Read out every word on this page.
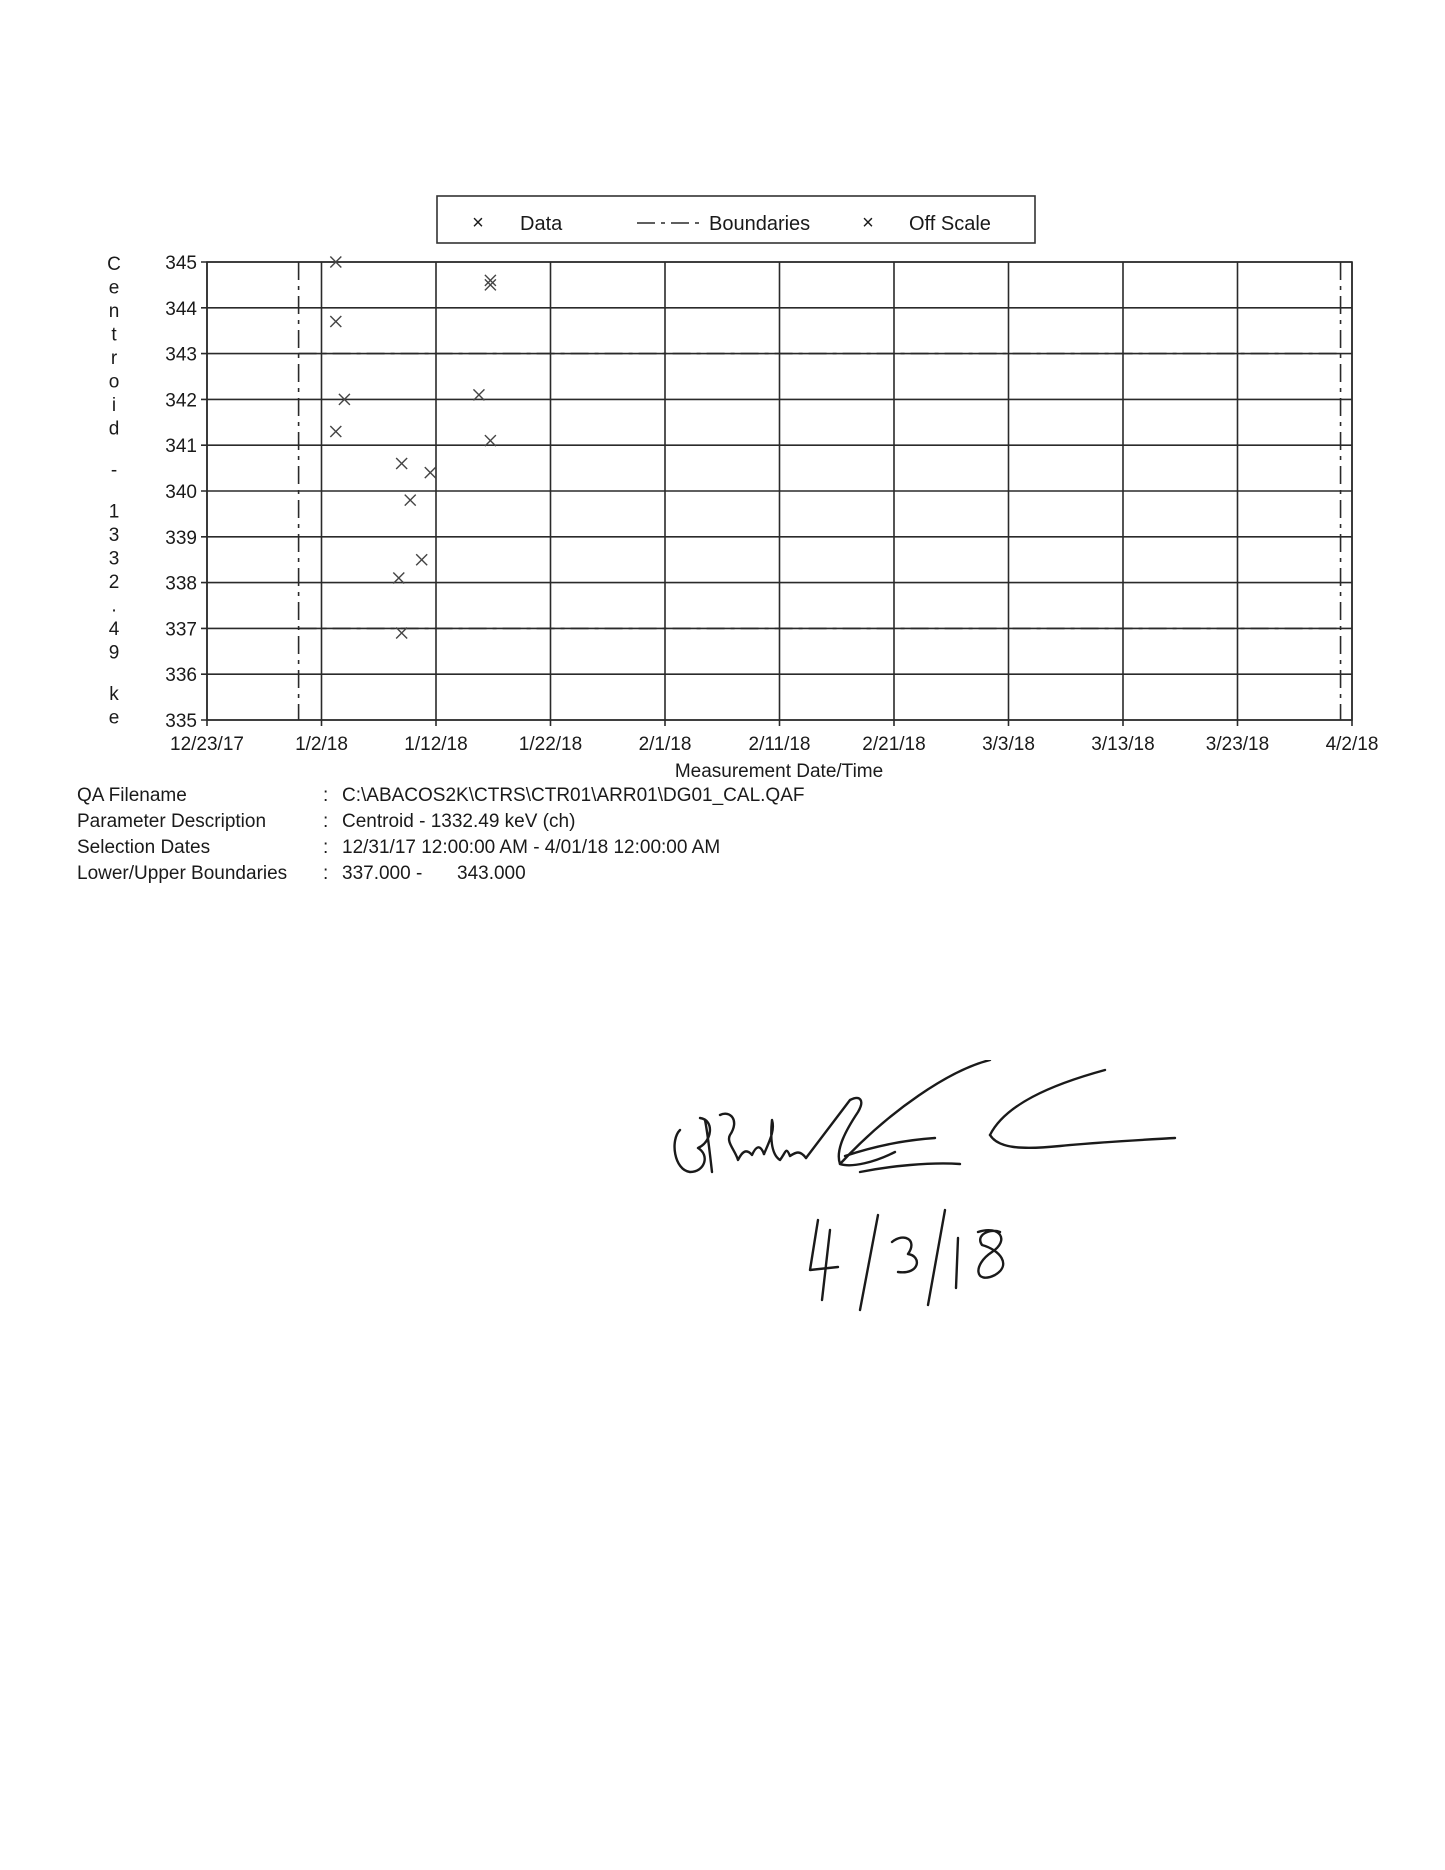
× Data	Boundaries	× Off Scale
335
336
337
338
339
340
341
342
343
344
345
12/23/17	1/2/18	1/12/18	1/22/18	2/1/18	2/11/18	2/21/18	3/3/18	3/13/18	3/23/18	4/2/18
C
e
n
t
r
o
i
d
-
1
3
3
2
.
4
9
k
e
Measurement Date/Time
QA Filename	: C:\ABACOS2K\CTRS\CTR01\ARR01\DG01_CAL.QAF
Parameter Description	: Centroid - 1332.49 keV (ch)
Selection Dates	: 12/31/17 12:00:00 AM - 4/01/18 12:00:00 AM
Lower/Upper Boundaries : 337.000 - 343.000
